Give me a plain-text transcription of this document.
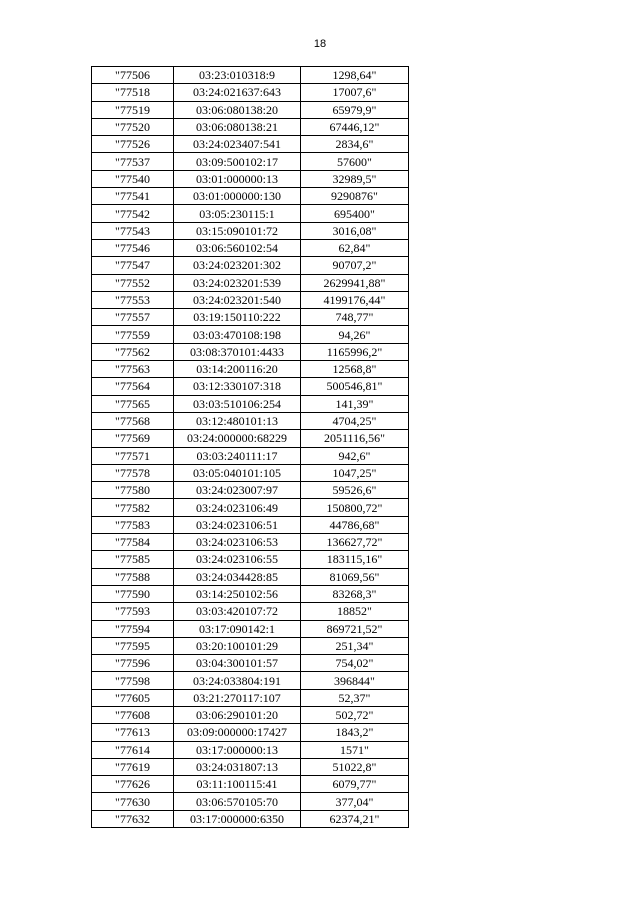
18
"77506	03:23:010318:9	1298,64"
"77518	03:24:021637:643	17007,6"
"77519	03:06:080138:20	65979,9"
"77520	03:06:080138:21	67446,12"
"77526	03:24:023407:541	2834,6"
"77537	03:09:500102:17	57600"
"77540	03:01:000000:13	32989,5"
"77541	03:01:000000:130	9290876"
"77542	03:05:230115:1	695400"
"77543	03:15:090101:72	3016,08"
"77546	03:06:560102:54	62,84"
"77547	03:24:023201:302	90707,2"
"77552	03:24:023201:539	2629941,88"
"77553	03:24:023201:540	4199176,44"
"77557	03:19:150110:222	748,77"
"77559	03:03:470108:198	94,26"
"77562	03:08:370101:4433	1165996,2"
"77563	03:14:200116:20	12568,8"
"77564	03:12:330107:318	500546,81"
"77565	03:03:510106:254	141,39"
"77568	03:12:480101:13	4704,25"
"77569	03:24:000000:68229	2051116,56"
"77571	03:03:240111:17	942,6"
"77578	03:05:040101:105	1047,25"
"77580	03:24:023007:97	59526,6"
"77582	03:24:023106:49	150800,72"
"77583	03:24:023106:51	44786,68"
"77584	03:24:023106:53	136627,72"
"77585	03:24:023106:55	183115,16"
"77588	03:24:034428:85	81069,56"
"77590	03:14:250102:56	83268,3"
"77593	03:03:420107:72	18852"
"77594	03:17:090142:1	869721,52"
"77595	03:20:100101:29	251,34"
"77596	03:04:300101:57	754,02"
"77598	03:24:033804:191	396844"
"77605	03:21:270117:107	52,37"
"77608	03:06:290101:20	502,72"
"77613	03:09:000000:17427	1843,2"
"77614	03:17:000000:13	1571"
"77619	03:24:031807:13	51022,8"
"77626	03:11:100115:41	6079,77"
"77630	03:06:570105:70	377,04"
"77632	03:17:000000:6350	62374,21"
